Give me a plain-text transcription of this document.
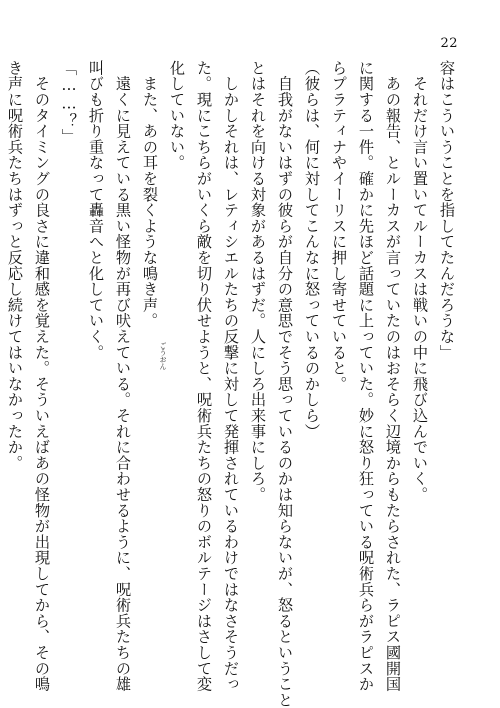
22
容はこういうことを指してたんだろうな」
　それだけ言い置いてルーカスは戦いの中に飛び込んでいく。
　あの報告、とルーカスが言っていたのはおそらく辺境からもたらされた、ラピス國開国
に関する一件。確かに先ほど話題に上っていた。妙に怒り狂っている呪術兵らがラピスか
らプラティナやイーリスに押し寄せていると。
（彼らは、何に対してこんなに怒っているのかしら）
　自我がないはずの彼らが自分の意思でそう思っているのかは知らないが、怒るということ
とはそれを向ける対象があるはずだ。人にしろ出来事にしろ。
　しかしそれは、レティシエルたちの反撃に対して発揮されているわけではなさそうだっ
た。現にこちらがいくら敵を切り伏せようと、呪術兵たちの怒りのボルテージはさして変
化していない。
　また、あの耳を裂くような鳴き声。
　遠くに見えている黒い怪物が再び吠えている。それに合わせるように、呪術兵たちの雄
叫びも折り重なって轟音へと化していく。
「……？」
　そのタイミングの良さに違和感を覚えた。そういえばあの怪物が出現してから、その鳴
き声に呪術兵たちはずっと反応し続けてはいなかったか。	ごうおん
